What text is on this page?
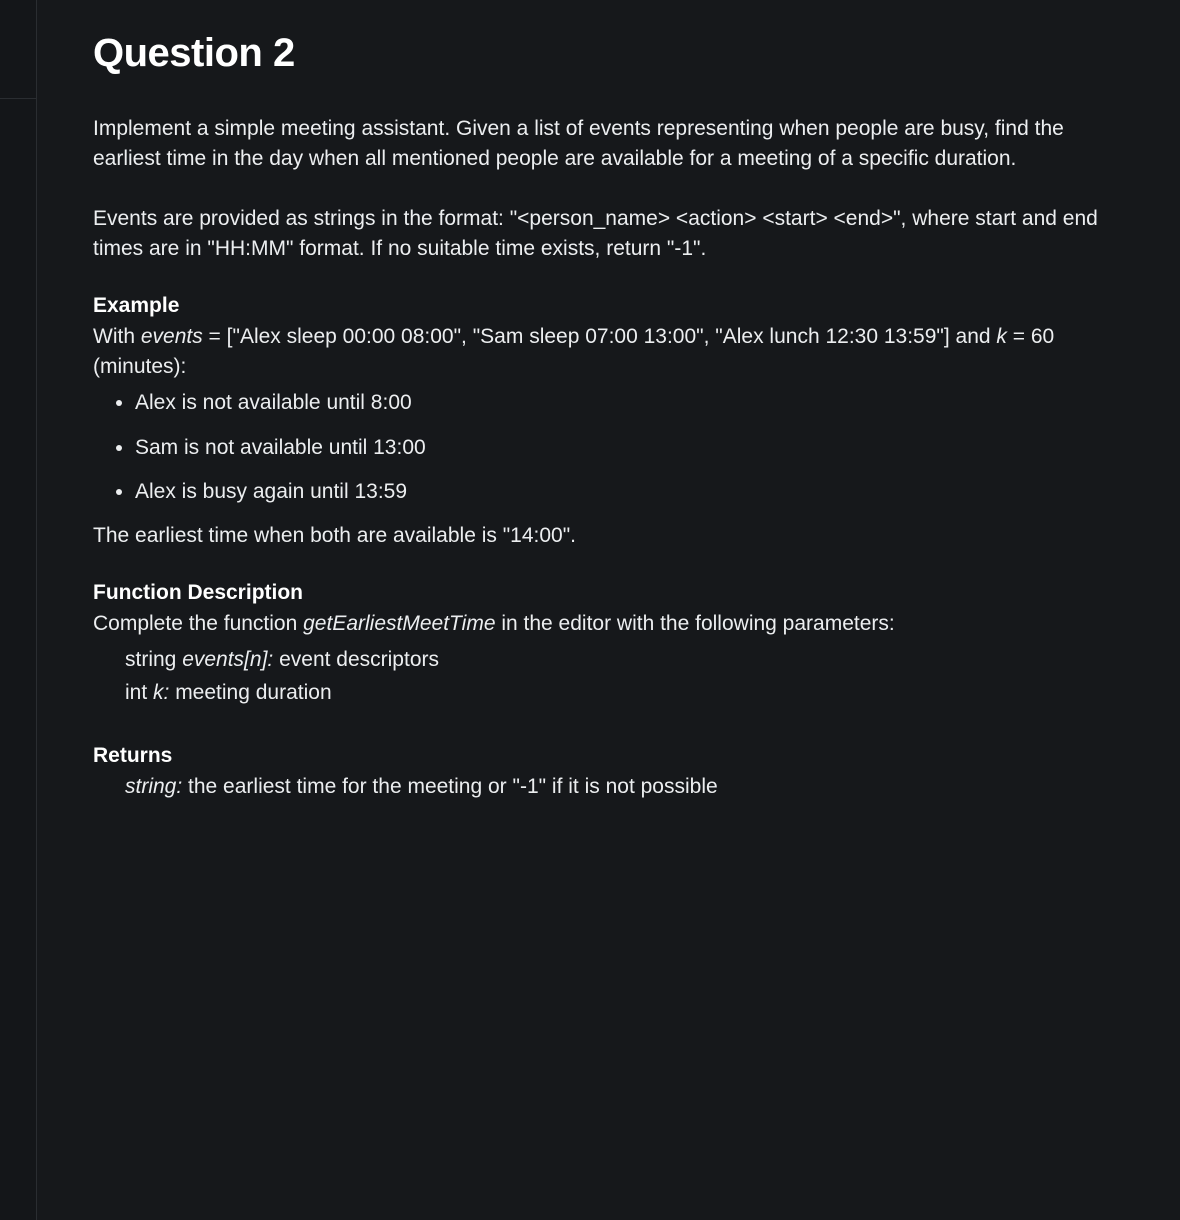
Question 2

Implement a simple meeting assistant. Given a list of events representing when people are busy, find the earliest time in the day when all mentioned people are available for a meeting of a specific duration.

Events are provided as strings in the format: "<person_name> <action> <start> <end>", where start and end times are in "HH:MM" format. If no suitable time exists, return "-1".

Example

With events = ["Alex sleep 00:00 08:00", "Sam sleep 07:00 13:00", "Alex lunch 12:30 13:59"] and k = 60 (minutes):

• Alex is not available until 8:00
• Sam is not available until 13:00
• Alex is busy again until 13:59

The earliest time when both are available is "14:00".

Function Description

Complete the function getEarliestMeetTime in the editor with the following parameters:

string events[n]: event descriptors
int k: meeting duration
Returns
string: the earliest time for the meeting or "-1" if it is not possible
